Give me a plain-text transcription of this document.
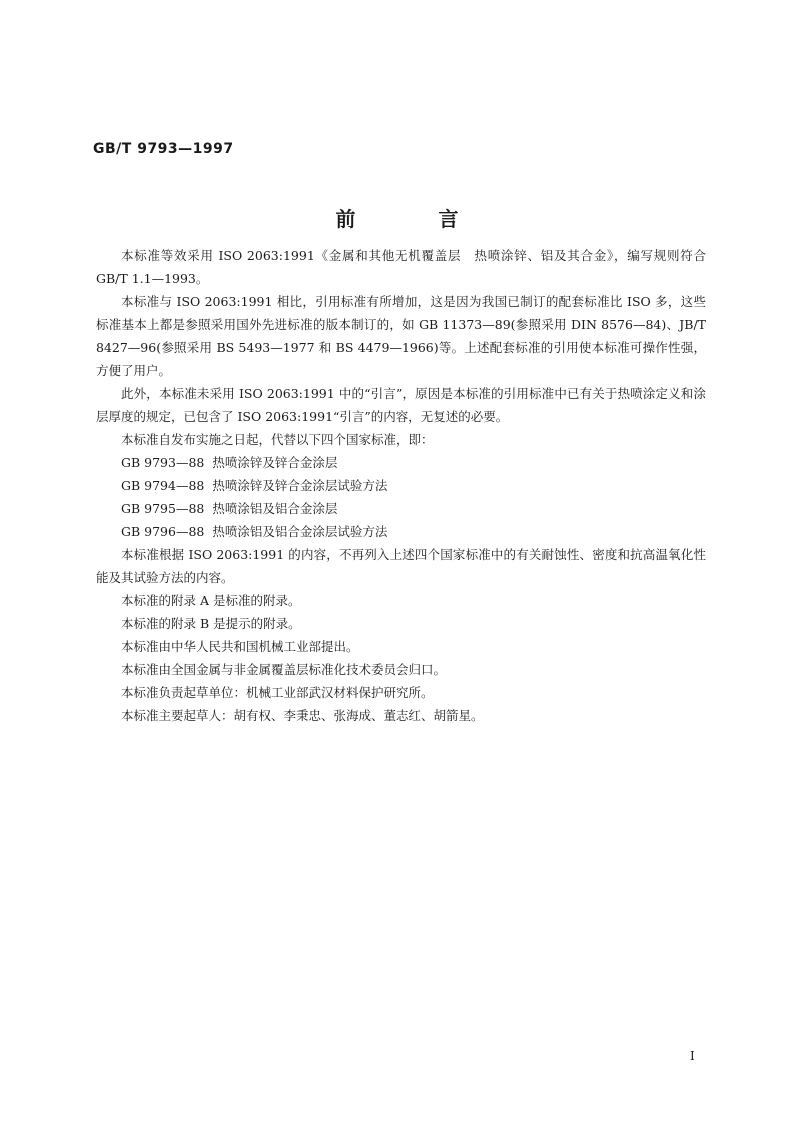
GB/T 9793—1997
前 言

本标准等效采用 ISO 2063:1991《金属和其他无机覆盖层　热喷涂锌、铝及其合金》，编写规则符合 GB/T 1.1—1993。

本标准与 ISO 2063:1991 相比，引用标准有所增加，这是因为我国已制订的配套标准比 ISO 多，这些标准基本上都是参照采用国外先进标准的版本制订的，如 GB 11373—89(参照采用 DIN 8576—84)、JB/T 8427—96(参照采用 BS 5493—1977 和 BS 4479—1966)等。上述配套标准的引用使本标准可操作性强，方便了用户。

此外，本标准未采用 ISO 2063:1991 中的“引言”，原因是本标准的引用标准中已有关于热喷涂定义和涂层厚度的规定，已包含了 ISO 2063:1991“引言”的内容，无复述的必要。

本标准自发布实施之日起，代替以下四个国家标准，即：

GB 9793—88 热喷涂锌及锌合金涂层
GB 9794—88 热喷涂锌及锌合金涂层试验方法
GB 9795—88 热喷涂铝及铝合金涂层
GB 9796—88 热喷涂铝及铝合金涂层试验方法

本标准根据 ISO 2063:1991 的内容，不再列入上述四个国家标准中的有关耐蚀性、密度和抗高温氧化性能及其试验方法的内容。

本标准的附录 A 是标准的附录。

本标准的附录 B 是提示的附录。

本标准由中华人民共和国机械工业部提出。

本标准由全国金属与非金属覆盖层标准化技术委员会归口。

本标准负责起草单位：机械工业部武汉材料保护研究所。

本标准主要起草人：胡有权、李秉忠、张海成、董志红、胡箭星。

I
